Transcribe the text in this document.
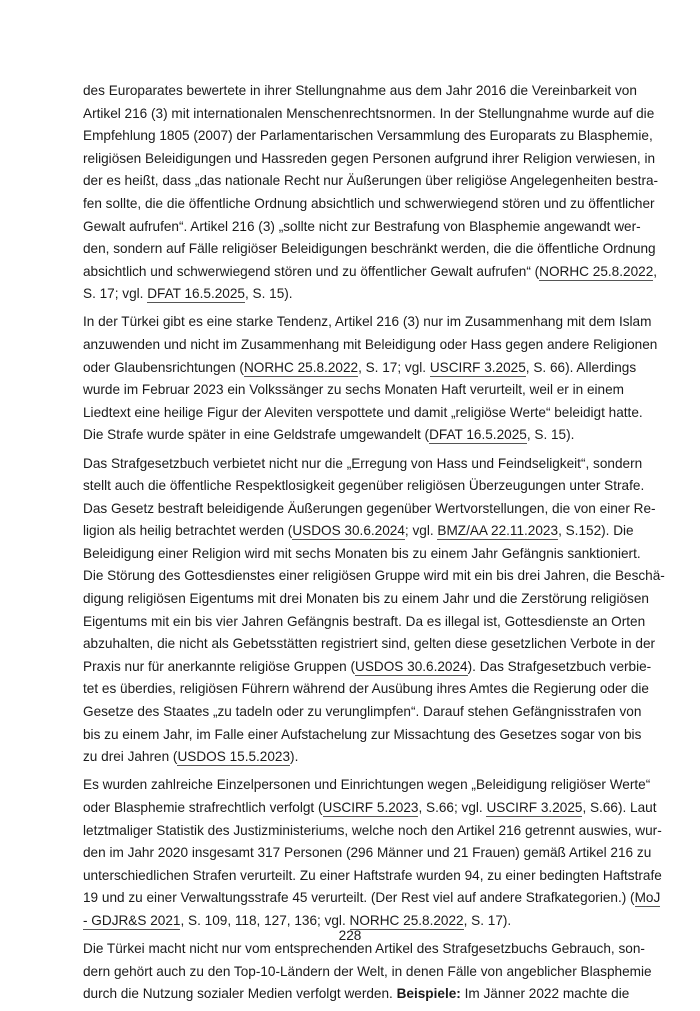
des Europarates bewertete in ihrer Stellungnahme aus dem Jahr 2016 die Vereinbarkeit von
Artikel 216 (3) mit internationalen Menschenrechtsnormen. In der Stellungnahme wurde auf die
Empfehlung 1805 (2007) der Parlamentarischen Versammlung des Europarats zu Blasphemie,
religiösen Beleidigungen und Hassreden gegen Personen aufgrund ihrer Religion verwiesen, in
der es heißt, dass „das nationale Recht nur Äußerungen über religiöse Angelegenheiten bestra-
fen sollte, die die öffentliche Ordnung absichtlich und schwerwiegend stören und zu öffentlicher
Gewalt aufrufen“. Artikel 216 (3) „sollte nicht zur Bestrafung von Blasphemie angewandt wer-
den, sondern auf Fälle religiöser Beleidigungen beschränkt werden, die die öffentliche Ordnung
absichtlich und schwerwiegend stören und zu öffentlicher Gewalt aufrufen“ (NORHC 25.8.2022,
S. 17; vgl. DFAT 16.5.2025, S. 15).
In der Türkei gibt es eine starke Tendenz, Artikel 216 (3) nur im Zusammenhang mit dem Islam
anzuwenden und nicht im Zusammenhang mit Beleidigung oder Hass gegen andere Religionen
oder Glaubensrichtungen (NORHC 25.8.2022, S. 17; vgl. USCIRF 3.2025, S. 66). Allerdings
wurde im Februar 2023 ein Volkssänger zu sechs Monaten Haft verurteilt, weil er in einem
Liedtext eine heilige Figur der Aleviten verspottete und damit „religiöse Werte“ beleidigt hatte.
Die Strafe wurde später in eine Geldstrafe umgewandelt (DFAT 16.5.2025, S. 15).
Das Strafgesetzbuch verbietet nicht nur die „Erregung von Hass und Feindseligkeit“, sondern
stellt auch die öffentliche Respektlosigkeit gegenüber religiösen Überzeugungen unter Strafe.
Das Gesetz bestraft beleidigende Äußerungen gegenüber Wertvorstellungen, die von einer Re-
ligion als heilig betrachtet werden (USDOS 30.6.2024; vgl. BMZ/AA 22.11.2023, S.152). Die
Beleidigung einer Religion wird mit sechs Monaten bis zu einem Jahr Gefängnis sanktioniert.
Die Störung des Gottesdienstes einer religiösen Gruppe wird mit ein bis drei Jahren, die Beschä-
digung religiösen Eigentums mit drei Monaten bis zu einem Jahr und die Zerstörung religiösen
Eigentums mit ein bis vier Jahren Gefängnis bestraft. Da es illegal ist, Gottesdienste an Orten
abzuhalten, die nicht als Gebetsstätten registriert sind, gelten diese gesetzlichen Verbote in der
Praxis nur für anerkannte religiöse Gruppen (USDOS 30.6.2024). Das Strafgesetzbuch verbie-
tet es überdies, religiösen Führern während der Ausübung ihres Amtes die Regierung oder die
Gesetze des Staates „zu tadeln oder zu verunglimpfen“. Darauf stehen Gefängnisstrafen von
bis zu einem Jahr, im Falle einer Aufstachelung zur Missachtung des Gesetzes sogar von bis
zu drei Jahren (USDOS 15.5.2023).
Es wurden zahlreiche Einzelpersonen und Einrichtungen wegen „Beleidigung religiöser Werte“
oder Blasphemie strafrechtlich verfolgt (USCIRF 5.2023, S.66; vgl. USCIRF 3.2025, S.66). Laut
letztmaliger Statistik des Justizministeriums, welche noch den Artikel 216 getrennt auswies, wur-
den im Jahr 2020 insgesamt 317 Personen (296 Männer und 21 Frauen) gemäß Artikel 216 zu
unterschiedlichen Strafen verurteilt. Zu einer Haftstrafe wurden 94, zu einer bedingten Haftstrafe
19 und zu einer Verwaltungsstrafe 45 verurteilt. (Der Rest viel auf andere Strafkategorien.) (MoJ
- GDJR&S 2021, S. 109, 118, 127, 136; vgl. NORHC 25.8.2022, S. 17).
Die Türkei macht nicht nur vom entsprechenden Artikel des Strafgesetzbuchs Gebrauch, son-
dern gehört auch zu den Top-10-Ländern der Welt, in denen Fälle von angeblicher Blasphemie
durch die Nutzung sozialer Medien verfolgt werden. Beispiele: Im Jänner 2022 machte die
228
